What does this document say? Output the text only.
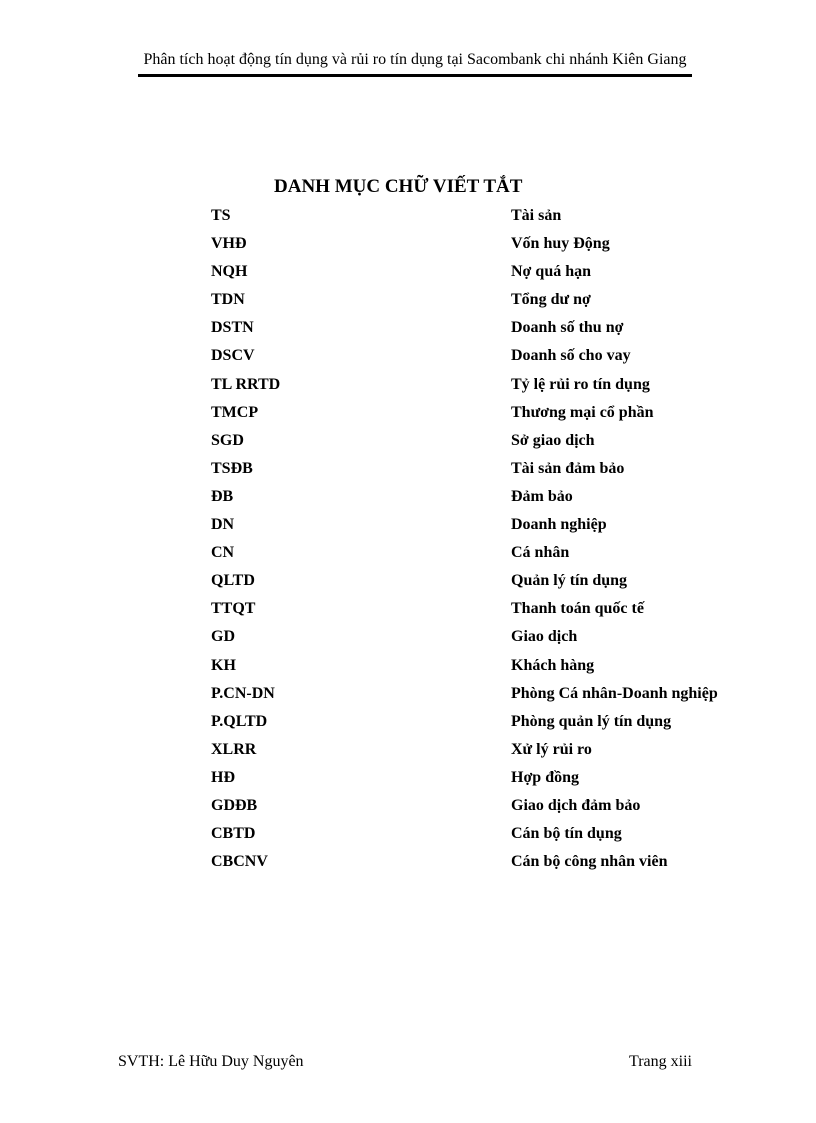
Phân tích hoạt động tín dụng và rủi ro tín dụng tại Sacombank chi nhánh Kiên Giang
DANH MỤC CHỮ VIẾT TẮT
TS	Tài sản
VHĐ	Vốn huy Động
NQH	Nợ quá hạn
TDN	Tổng dư nợ
DSTN	Doanh số thu nợ
DSCV	Doanh số cho vay
TL RRTD	Tỷ lệ rủi ro tín dụng
TMCP	Thương mại cổ phần
SGD	Sở giao dịch
TSĐB	Tài sản đảm bảo
ĐB	Đảm bảo
DN	Doanh nghiệp
CN	Cá nhân
QLTD	Quản lý tín dụng
TTQT	Thanh toán quốc tế
GD	Giao dịch
KH	Khách hàng
P.CN-DN	Phòng Cá nhân-Doanh nghiệp
P.QLTD	Phòng quản lý tín dụng
XLRR	Xử lý rủi ro
HĐ	Hợp đồng
GDĐB	Giao dịch đảm bảo
CBTD	Cán bộ tín dụng
CBCNV	Cán bộ công nhân viên
SVTH: Lê Hữu Duy Nguyên	Trang xiii
